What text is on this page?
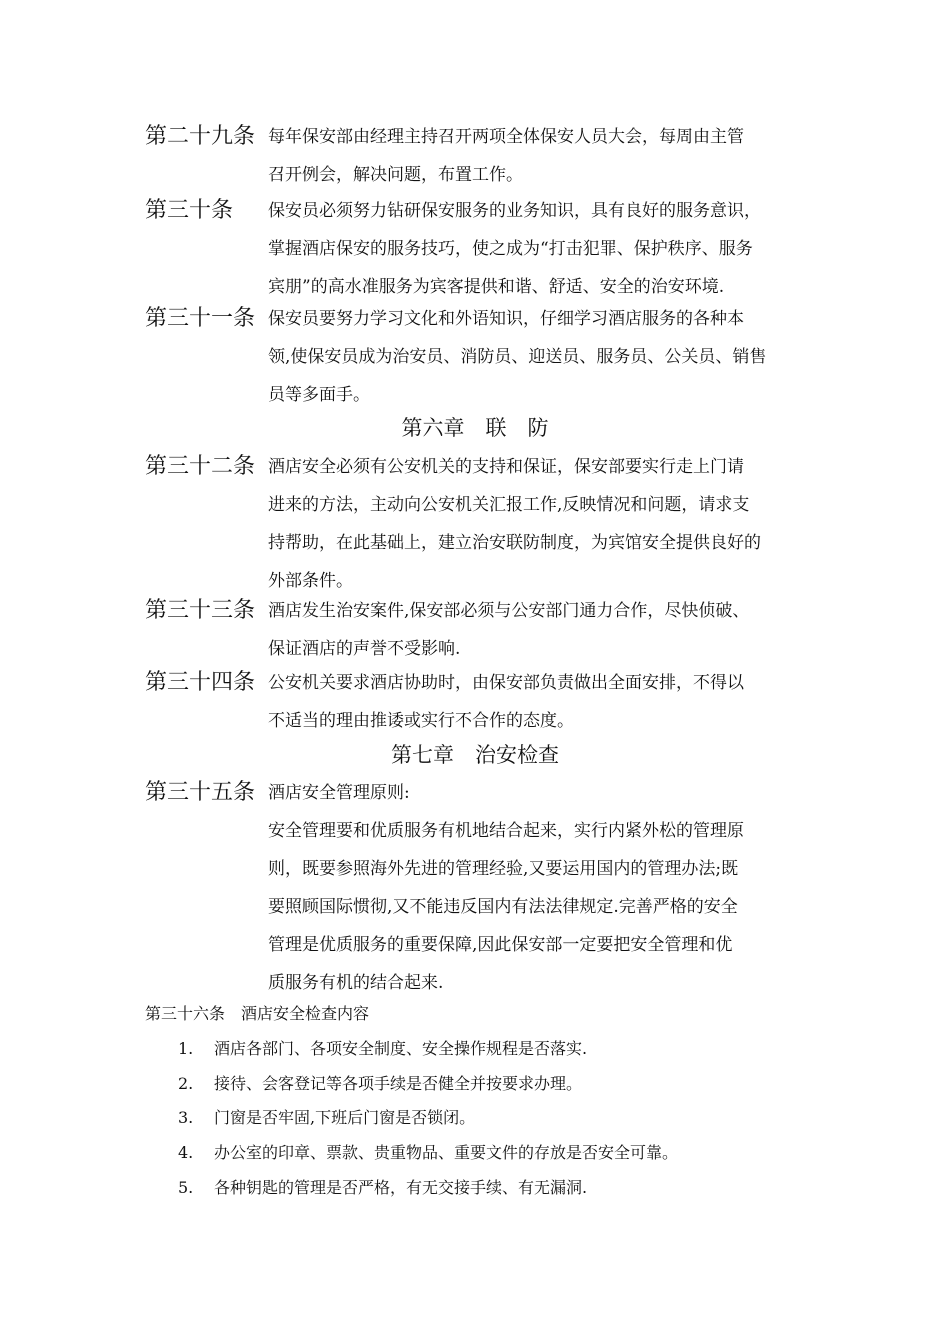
第二十九条 每年保安部由经理主持召开两项全体保安人员大会，每周由主管
召开例会，解决问题，布置工作。
第三十条 保安员必须努力钻研保安服务的业务知识，具有良好的服务意识，
掌握酒店保安的服务技巧，使之成为“打击犯罪、保护秩序、服务
宾朋”的高水准服务为宾客提供和谐、舒适、安全的治安环境.
第三十一条 保安员要努力学习文化和外语知识，仔细学习酒店服务的各种本
领,使保安员成为治安员、消防员、迎送员、服务员、公关员、销售
员等多面手。
第六章　联　防
第三十二条 酒店安全必须有公安机关的支持和保证，保安部要实行走上门请
进来的方法，主动向公安机关汇报工作,反映情况和问题，请求支
持帮助，在此基础上，建立治安联防制度，为宾馆安全提供良好的
外部条件。
第三十三条 酒店发生治安案件,保安部必须与公安部门通力合作，尽快侦破、
保证酒店的声誉不受影响.
第三十四条 公安机关要求酒店协助时，由保安部负责做出全面安排，不得以
不适当的理由推诿或实行不合作的态度。
第七章　治安检查
第三十五条 酒店安全管理原则:
安全管理要和优质服务有机地结合起来，实行内紧外松的管理原
则，既要参照海外先进的管理经验,又要运用国内的管理办法;既
要照顾国际惯彻,又不能违反国内有法法律规定.完善严格的安全
管理是优质服务的重要保障,因此保安部一定要把安全管理和优
质服务有机的结合起来.
第三十六条　酒店安全检查内容
1. 酒店各部门、各项安全制度、安全操作规程是否落实.
2. 接待、会客登记等各项手续是否健全并按要求办理。
3. 门窗是否牢固,下班后门窗是否锁闭。
4. 办公室的印章、票款、贵重物品、重要文件的存放是否安全可靠。
5. 各种钥匙的管理是否严格，有无交接手续、有无漏洞.
